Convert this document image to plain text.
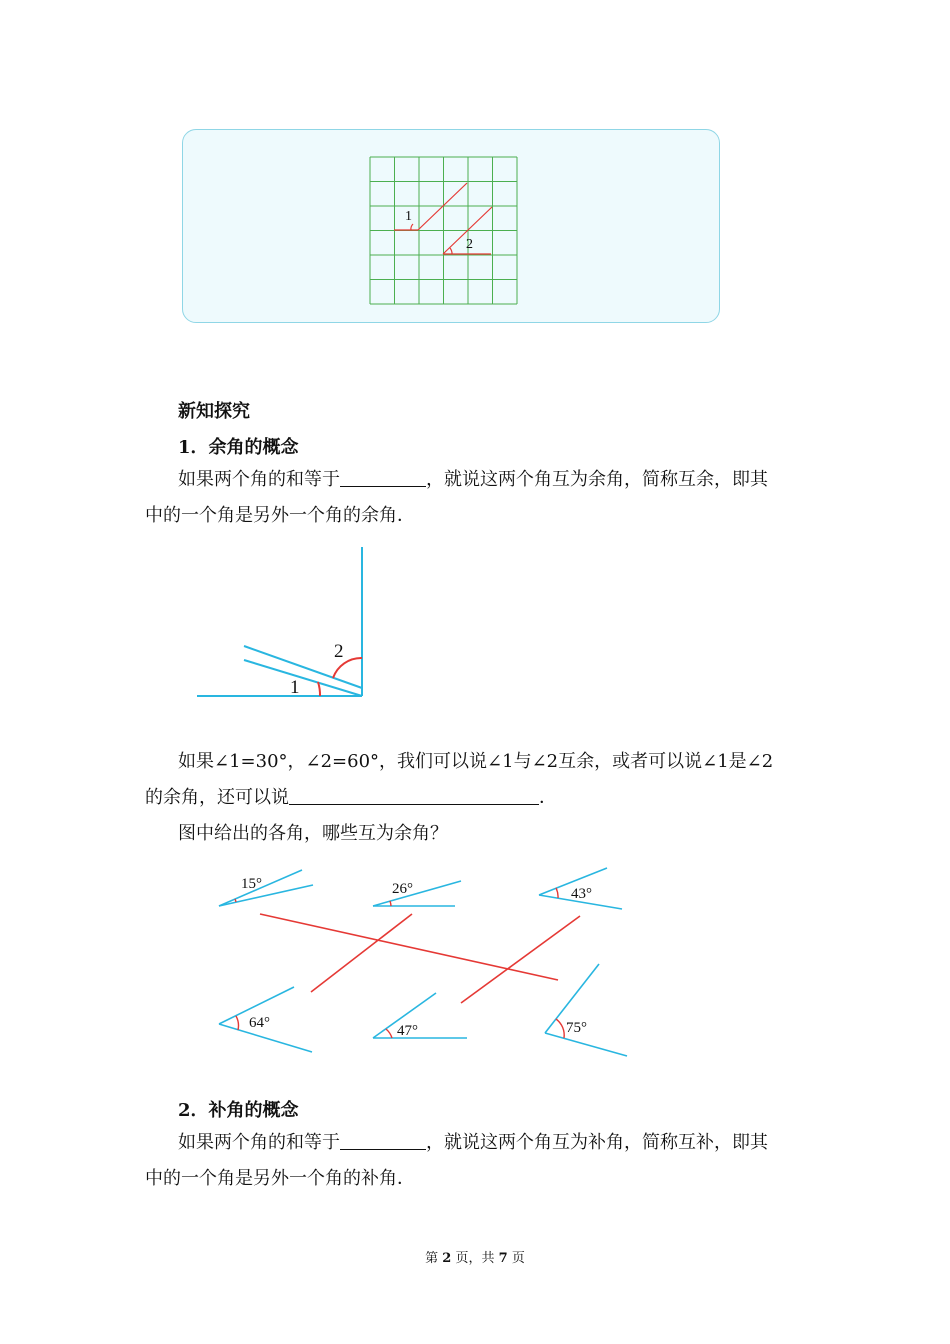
1
2
新知探究
1．余角的概念
如果两个角的和等于	，就说这两个角互为余角，简称互余，即其
中的一个角是另外一个角的余角．
1
2
如果∠1=30°，∠2=60°，我们可以说∠1与∠2互余，或者可以说∠1是∠2
的余角，还可以说	．
图中给出的各角，哪些互为余角？
15°	26°	43°
64°	47°	75°
2．补角的概念
如果两个角的和等于	，就说这两个角互为补角，简称互补，即其
中的一个角是另外一个角的补角．
第 2 页，共 7 页
